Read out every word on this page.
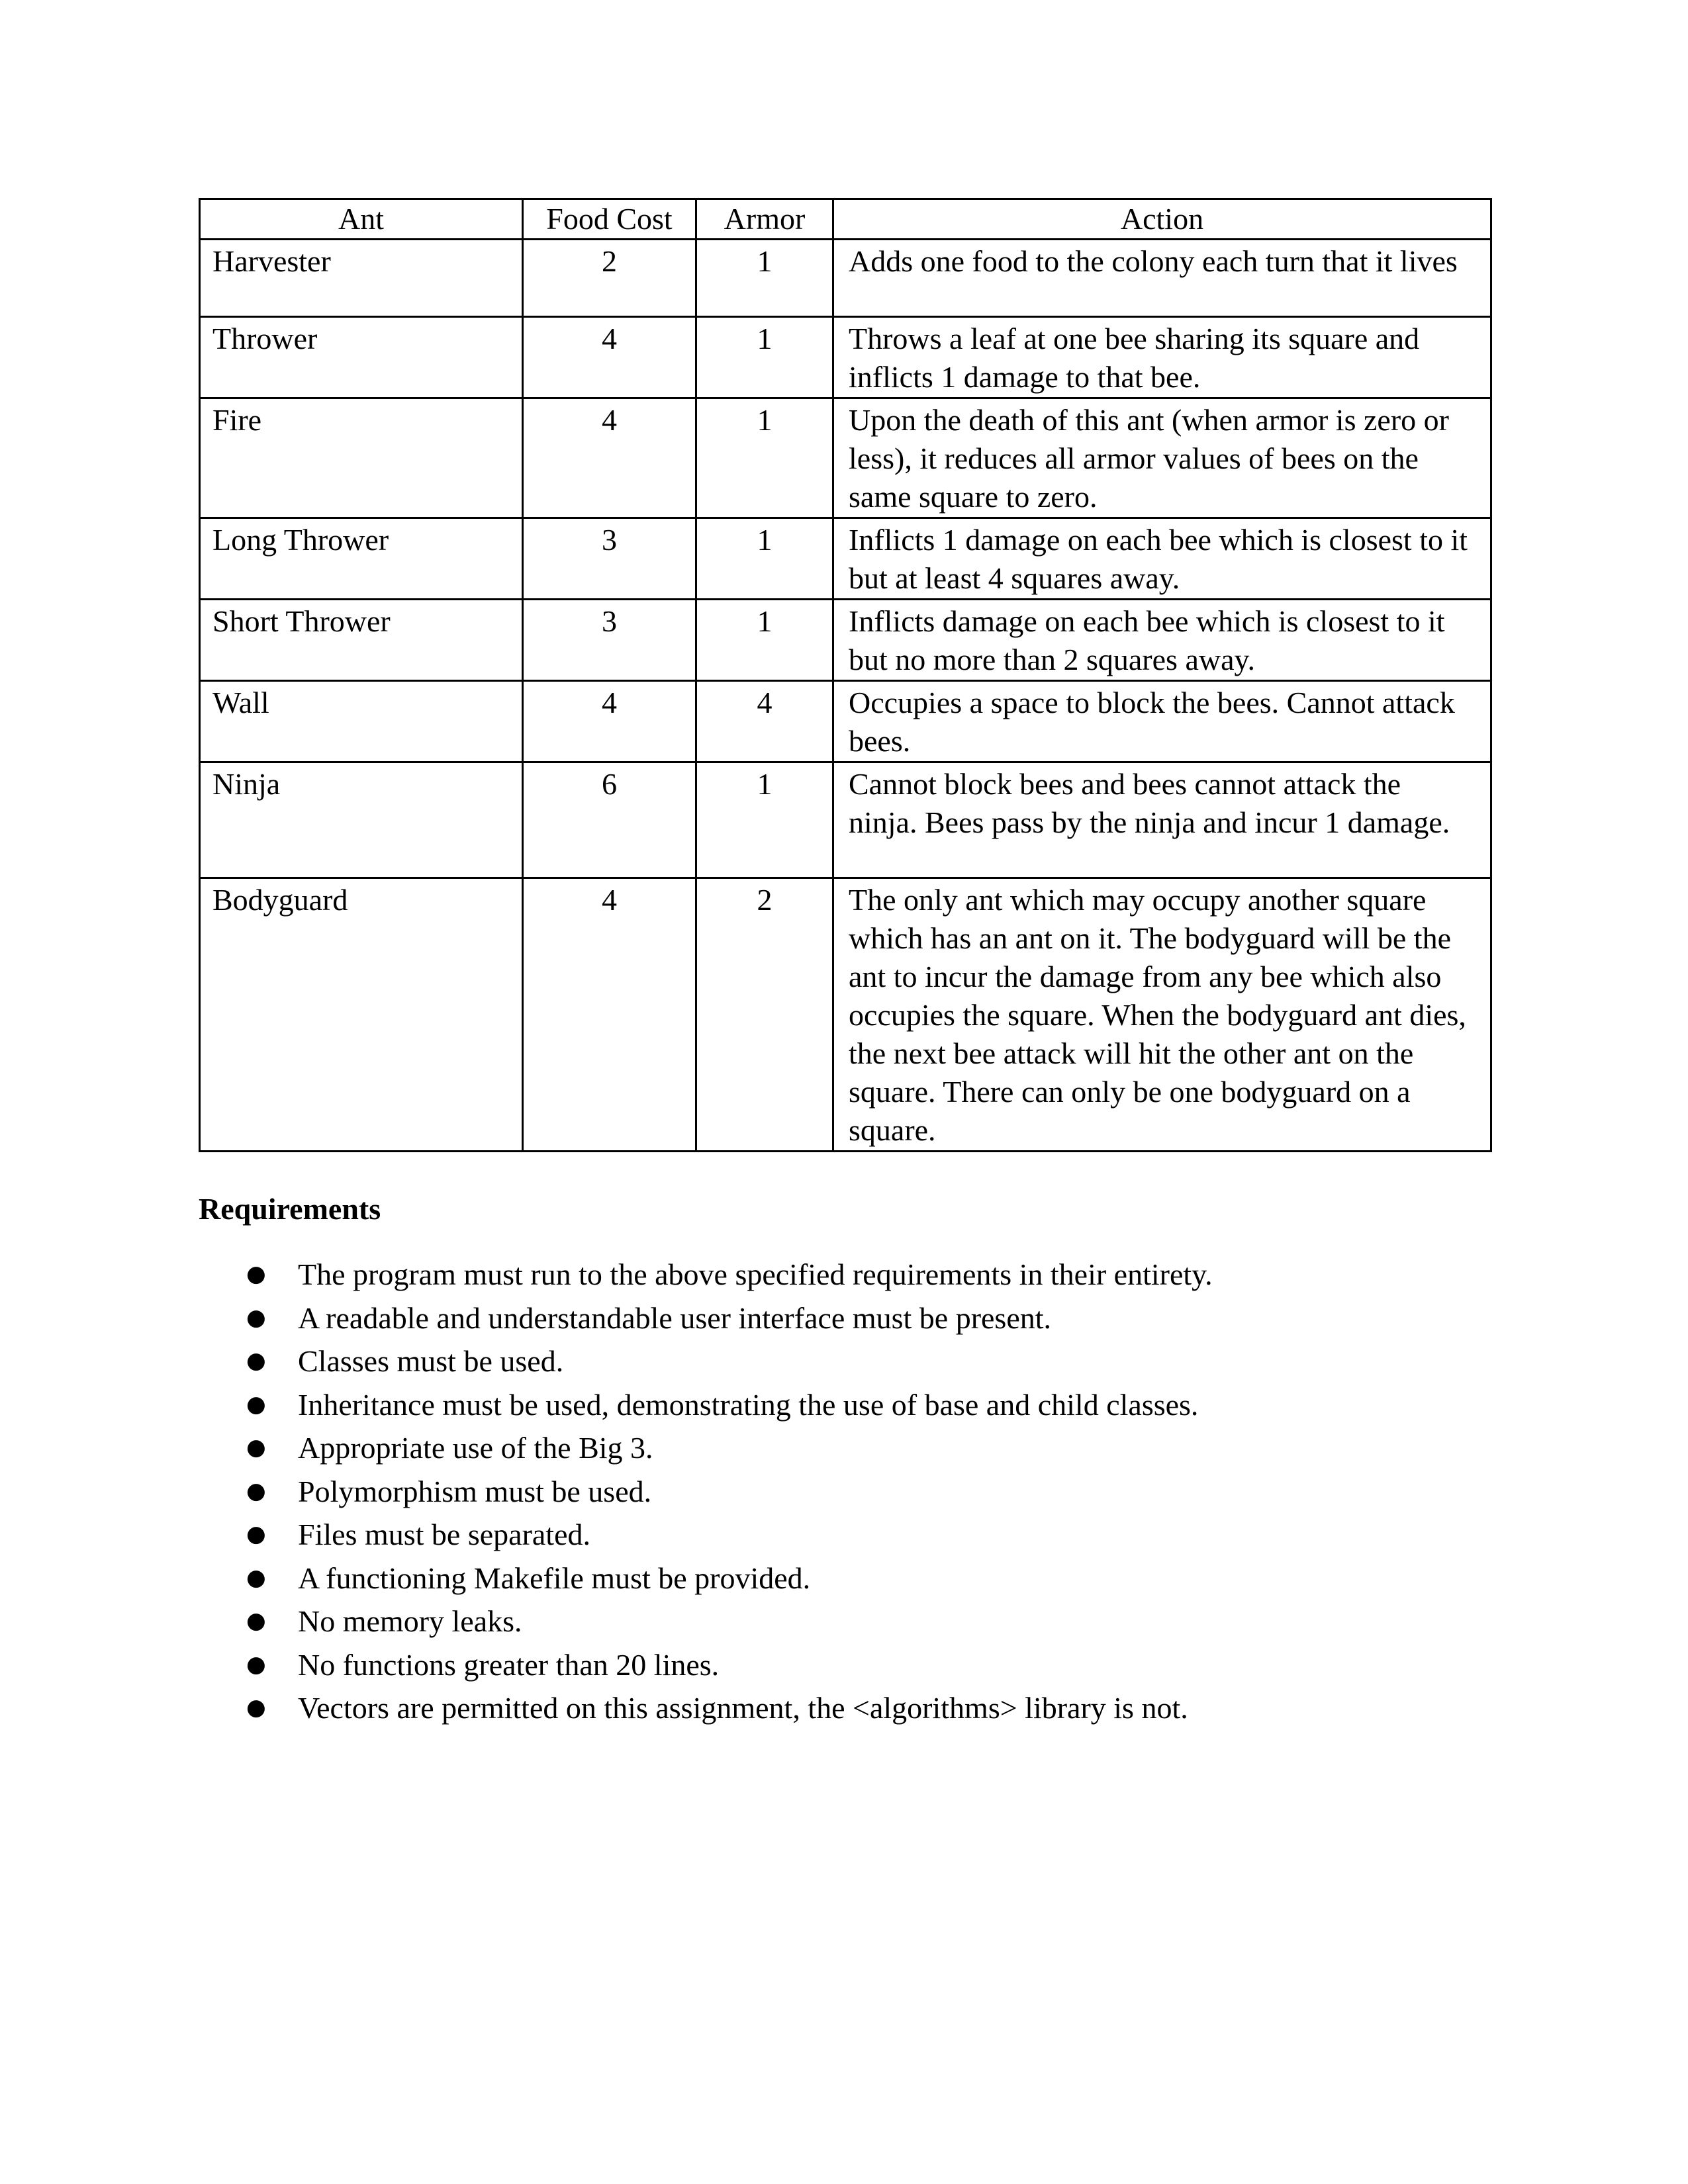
Ant	Food Cost	Armor	Action
Harvester	2	1	Adds one food to the colony each turn that it lives
Thrower	4	1	Throws a leaf at one bee sharing its square and inflicts 1 damage to that bee.
Fire	4	1	Upon the death of this ant (when armor is zero or less), it reduces all armor values of bees on the same square to zero.
Long Thrower	3	1	Inflicts 1 damage on each bee which is closest to it but at least 4 squares away.
Short Thrower	3	1	Inflicts damage on each bee which is closest to it but no more than 2 squares away.
Wall	4	4	Occupies a space to block the bees. Cannot attack bees.
Ninja	6	1	Cannot block bees and bees cannot attack the ninja. Bees pass by the ninja and incur 1 damage.
Bodyguard	4	2	The only ant which may occupy another square which has an ant on it. The bodyguard will be the ant to incur the damage from any bee which also occupies the square. When the bodyguard ant dies, the next bee attack will hit the other ant on the square. There can only be one bodyguard on a square.
Requirements
● The program must run to the above specified requirements in their entirety.
● A readable and understandable user interface must be present.
● Classes must be used.
● Inheritance must be used, demonstrating the use of base and child classes.
● Appropriate use of the Big 3.
● Polymorphism must be used.
● Files must be separated.
● A functioning Makefile must be provided.
● No memory leaks.
● No functions greater than 20 lines.
● Vectors are permitted on this assignment, the <algorithms> library is not.
